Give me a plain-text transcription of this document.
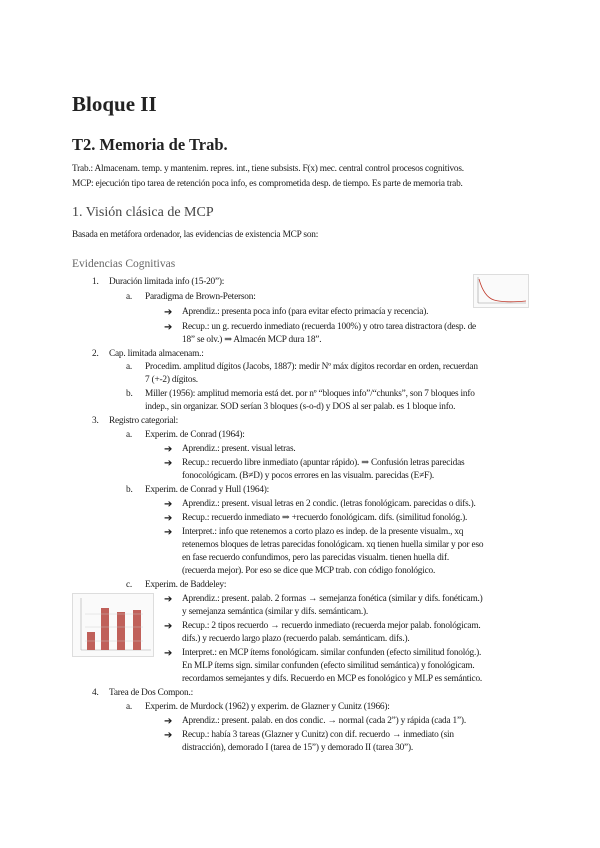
Bloque II
T2. Memoria de Trab.
Trab.: Almacenam. temp. y mantenim. repres. int., tiene subsists. F(x) mec. central control procesos cognitivos.
MCP: ejecución tipo tarea de retención poca info, es comprometida desp. de tiempo. Es parte de memoria trab.
1. Visión clásica de MCP
Basada en metáfora ordenador, las evidencias de existencia MCP son:
Evidencias Cognitivas
1. Duración limitada info (15-20”):
a. Paradigma de Brown-Peterson:
➔ Aprendiz.: presenta poca info (para evitar efecto primacía y recencia).
➔ Recup.: un g. recuerdo inmediato (recuerda 100%) y otro tarea distractora (desp. de
18” se olv.) ⇒ Almacén MCP dura 18”.
2. Cap. limitada almacenam.:
a. Procedim. amplitud dígitos (Jacobs, 1887): medir Nº máx dígitos recordar en orden, recuerdan
7 (+-2) dígitos.
b. Miller (1956): amplitud memoria está det. por nº “bloques info”/“chunks”, son 7 bloques info
indep., sin organizar. SOD serían 3 bloques (s-o-d) y DOS al ser palab. es 1 bloque info.
3. Registro categorial:
a. Experim. de Conrad (1964):
➔ Aprendiz.: present. visual letras.
➔ Recup.: recuerdo libre inmediato (apuntar rápido). ⇒ Confusión letras parecidas
fonocológicam. (B≠D) y pocos errores en las visualm. parecidas (E≠F).
b. Experim. de Conrad y Hull (1964):
➔ Aprendiz.: present. visual letras en 2 condic. (letras fonológicam. parecidas o difs.).
➔ Recup.: recuerdo inmediato ⇒ +recuerdo fonológicam. difs. (similitud fonológ.).
➔ Interpret.: info que retenemos a corto plazo es indep. de la presente visualm., xq
retenemos bloques de letras parecidas fonológicam. xq tienen huella similar y por eso
en fase recuerdo confundimos, pero las parecidas visualm. tienen huella dif.
(recuerda mejor). Por eso se dice que MCP trab. con código fonológico.
c. Experim. de Baddeley:
➔ Aprendiz.: present. palab. 2 formas → semejanza fonética (similar y difs. fonéticam.)
y semejanza semántica (similar y difs. semánticam.).
➔ Recup.: 2 tipos recuerdo → recuerdo inmediato (recuerda mejor palab. fonológicam.
difs.) y recuerdo largo plazo (recuerdo palab. semánticam. difs.).
➔ Interpret.: en MCP ítems fonológicam. similar confunden (efecto similitud fonológ.).
En MLP ítems sign. similar confunden (efecto similitud semántica) y fonológicam.
recordamos semejantes y difs. Recuerdo en MCP es fonológico y MLP es semántico.
4. Tarea de Dos Compon.:
a. Experim. de Murdock (1962) y experim. de Glazner y Cunitz (1966):
➔ Aprendiz.: present. palab. en dos condic. → normal (cada 2”) y rápida (cada 1”).
➔ Recup.: había 3 tareas (Glazner y Cunitz) con dif. recuerdo → inmediato (sin
distracción), demorado I (tarea de 15”) y demorado II (tarea 30”).
